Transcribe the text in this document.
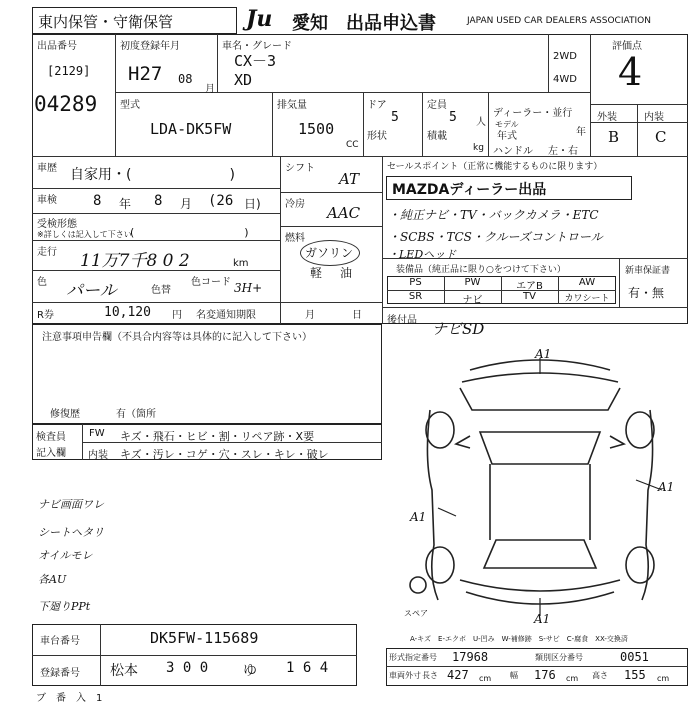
東内保管・守衛保管	Ju 愛知 出品申込書	JAPAN USED CAR DEALERS ASSOCIATION
出品番号
[2129]
04289
初度登録年月
H27 08
月
車名・グレード
CX－3
XD
2WD
4WD
評価点
4
外装	内装
B C
型式
LDA-DK5FW
排気量
1500
CC
ドア
5
形状
定員
5 人
積載
kg
ディーラー・並行
モデル
年式	年
ハンドル 左・右
車歴 自家用・(　　　　　　　)
車検	8 年 8 月 (26 日)
受検形態
※詳しくは記入して下さい
(　　　　　　　　　　)
走行 11万7千8 0 2	km
色 パール	色替
色コード 3H+
シフト
AT
冷房 AAC
燃料
ガソリン
軽 油
セールスポイント（正常に機能するものに限ります）
MAZDAディーラー出品
・純正ナビ・TV・バックカメラ・ETC
・SCBS・TCS・クルーズコントロール
・LEDヘッド
装備品（純正品に限り○をつけて下さい）
PS	PW	エアB	AW
SR	ナビ	TV	カワシート
新車保証書
有・無
R券	10,120 円 名変通知期限	月	日	後付品 ナビSD
注意事項申告欄（不具合内容等は具体的に記入して下さい）
修復歴	有（箇所
検査員
記入欄
FW キズ・飛石・ヒビ・割・リペア跡・X要
内装 キズ・汚レ・コゲ・穴・スレ・キレ・破レ
ナビ画面ワレ
シートヘタリ
オイルモレ
各AU
下廻りPPt
A1
A1
A1
A1
スペア
A-キズ　E-エクボ　U-凹み　W-補修跡　S-サビ　C-腐食　XX-交換済
車台番号	DK5FW-115689
登録番号 松本 3 0 0 ゆ 1 6 4
ブ　番　入　1
形式指定番号 17968	類別区分番号	0051
車両外寸 長さ 427 cm 幅 176 cm 高さ 155 cm
